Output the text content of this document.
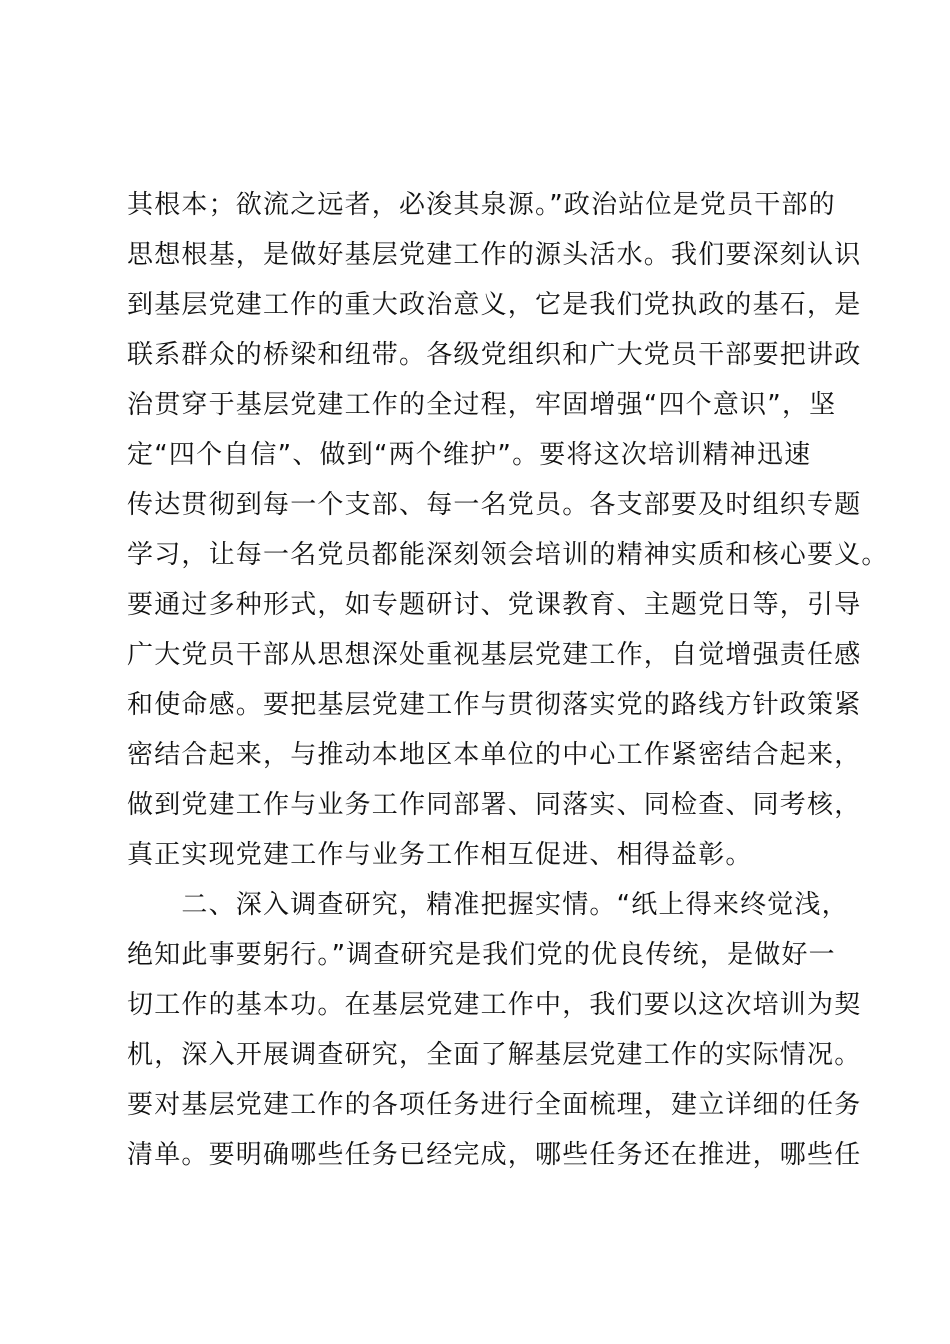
其根本；欲流之远者，必浚其泉源。”政治站位是党员干部的
思想根基，是做好基层党建工作的源头活水。我们要深刻认识
到基层党建工作的重大政治意义，它是我们党执政的基石，是
联系群众的桥梁和纽带。各级党组织和广大党员干部要把讲政
治贯穿于基层党建工作的全过程，牢固增强“四个意识”，坚
定“四个自信”、做到“两个维护”。要将这次培训精神迅速
传达贯彻到每一个支部、每一名党员。各支部要及时组织专题
学习，让每一名党员都能深刻领会培训的精神实质和核心要义。
要通过多种形式，如专题研讨、党课教育、主题党日等，引导
广大党员干部从思想深处重视基层党建工作，自觉增强责任感
和使命感。要把基层党建工作与贯彻落实党的路线方针政策紧
密结合起来，与推动本地区本单位的中心工作紧密结合起来，
做到党建工作与业务工作同部署、同落实、同检查、同考核，
真正实现党建工作与业务工作相互促进、相得益彰。
　　二、深入调查研究，精准把握实情。“纸上得来终觉浅，
绝知此事要躬行。”调查研究是我们党的优良传统，是做好一
切工作的基本功。在基层党建工作中，我们要以这次培训为契
机，深入开展调查研究，全面了解基层党建工作的实际情况。
要对基层党建工作的各项任务进行全面梳理，建立详细的任务
清单。要明确哪些任务已经完成，哪些任务还在推进，哪些任
